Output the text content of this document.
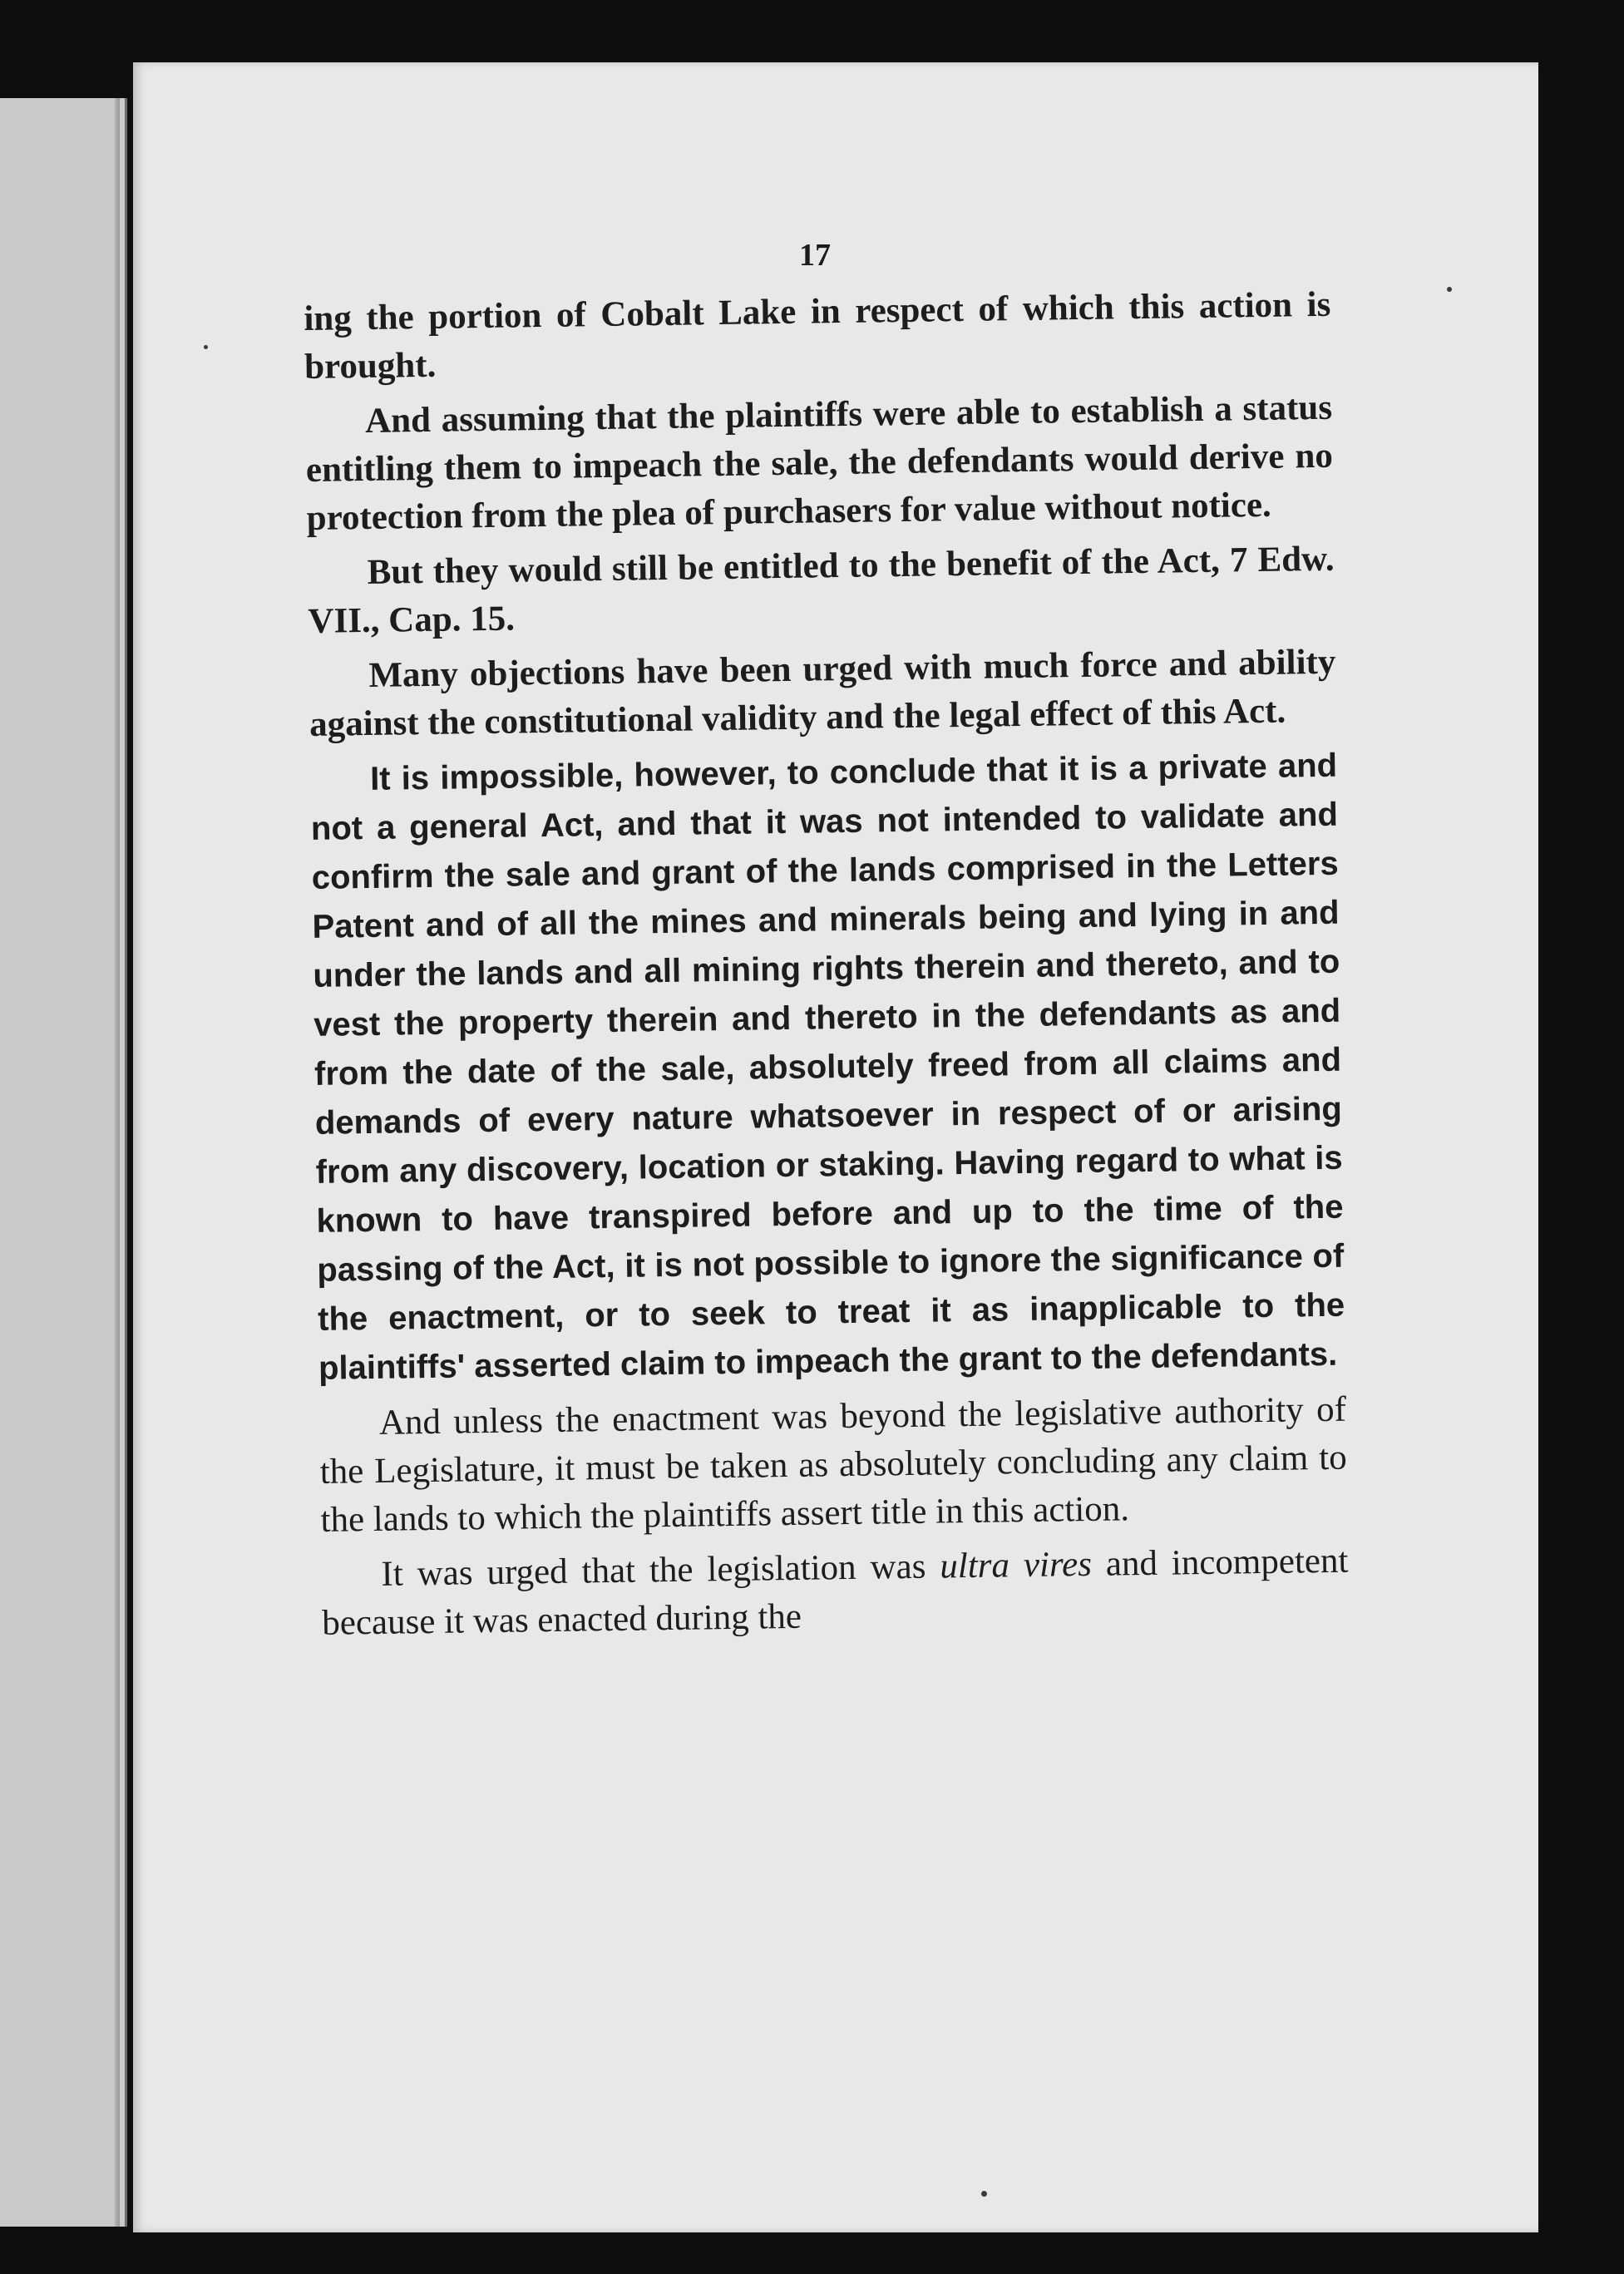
17

ing the portion of Cobalt Lake in respect of which this action is brought.

And assuming that the plaintiffs were able to establish a status entitling them to impeach the sale, the defendants would derive no protection from the plea of purchasers for value without notice.

But they would still be entitled to the benefit of the Act, 7 Edw. VII., Cap. 15.

Many objections have been urged with much force and ability against the constitutional validity and the legal effect of this Act.

It is impossible, however, to conclude that it is a private and not a general Act, and that it was not intended to validate and confirm the sale and grant of the lands comprised in the Letters Patent and of all the mines and minerals being and lying in and under the lands and all mining rights therein and thereto, and to vest the property therein and thereto in the defendants as and from the date of the sale, absolutely freed from all claims and demands of every nature whatsoever in respect of or arising from any discovery, location or staking. Having regard to what is known to have transpired before and up to the time of the passing of the Act, it is not possible to ignore the significance of the enactment, or to seek to treat it as inapplicable to the plaintiffs' asserted claim to impeach the grant to the defendants.

And unless the enactment was beyond the legislative authority of the Legislature, it must be taken as absolutely concluding any claim to the lands to which the plaintiffs assert title in this action.

It was urged that the legislation was ultra vires and incompetent because it was enacted during the
